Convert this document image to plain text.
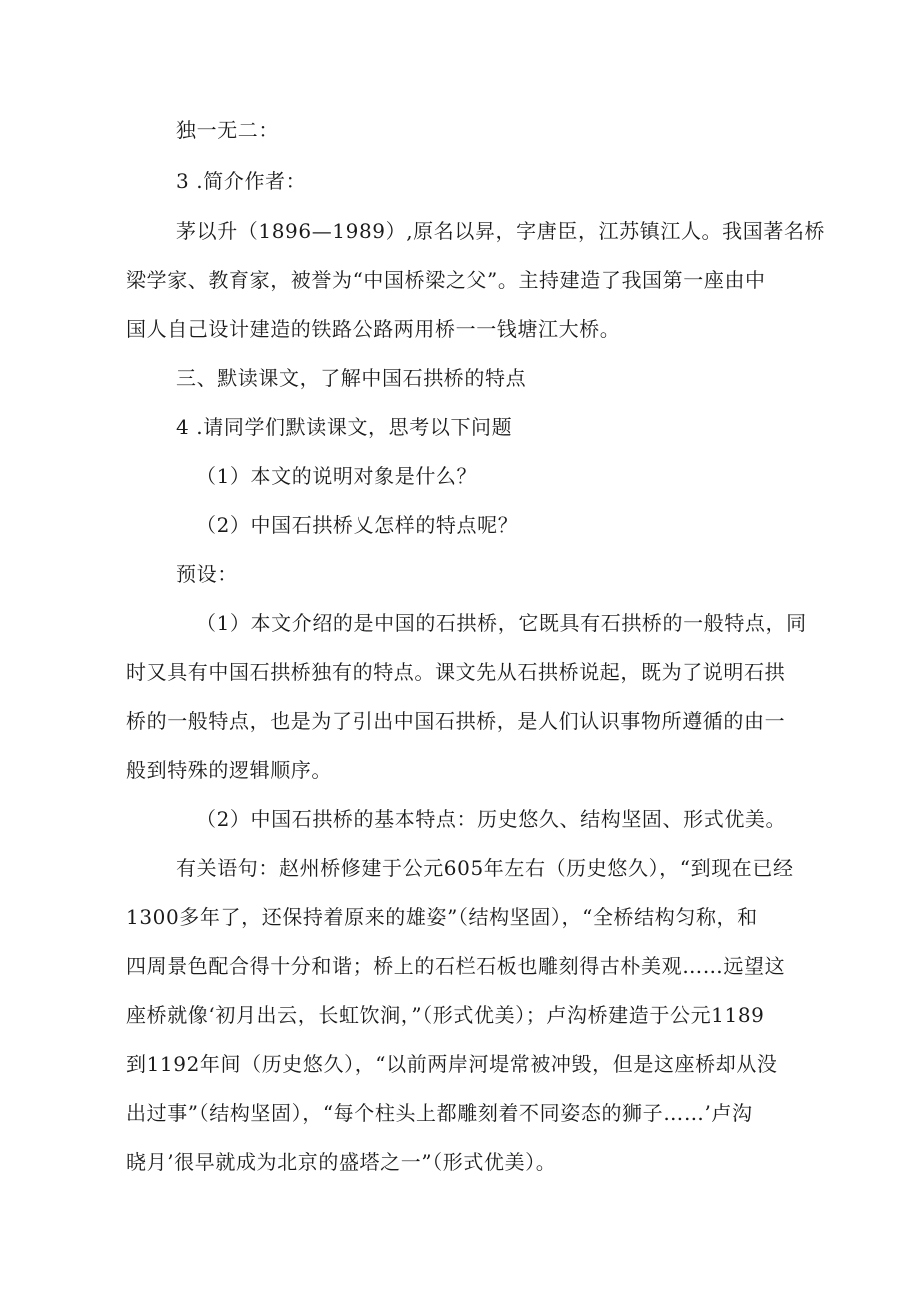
独一无二：
3 .简介作者：
茅以升（1896—1989）,原名以昇，字唐臣，江苏镇江人。我国著名桥
梁学家、教育家，被誉为“中国桥梁之父”。主持建造了我国第一座由中
国人自己设计建造的铁路公路两用桥一一钱塘江大桥。
三、默读课文，了解中国石拱桥的特点
4 .请同学们默读课文，思考以下问题
（1）本文的说明对象是什么？
（2）中国石拱桥乂怎样的特点呢？
预设：
（1）本文介绍的是中国的石拱桥，它既具有石拱桥的一般特点，同
时又具有中国石拱桥独有的特点。课文先从石拱桥说起，既为了说明石拱
桥的一般特点，也是为了引出中国石拱桥，是人们认识事物所遵循的由一
般到特殊的逻辑顺序。
（2）中国石拱桥的基本特点：历史悠久、结构坚固、形式优美。
有关语句：赵州桥修建于公元605年左右（历史悠久），“到现在已经
1300多年了，还保持着原来的雄姿”（结构坚固），“全桥结构匀称，和
四周景色配合得十分和谐；桥上的石栏石板也雕刻得古朴美观……远望这
座桥就像‘初月出云，长虹饮涧，”（形式优美）；卢沟桥建造于公元1189
到1192年间（历史悠久），“以前两岸河堤常被冲毁，但是这座桥却从没
出过事”（结构坚固），“每个柱头上都雕刻着不同姿态的狮子……’卢沟
晓月’很早就成为北京的盛塔之一”（形式优美）。
